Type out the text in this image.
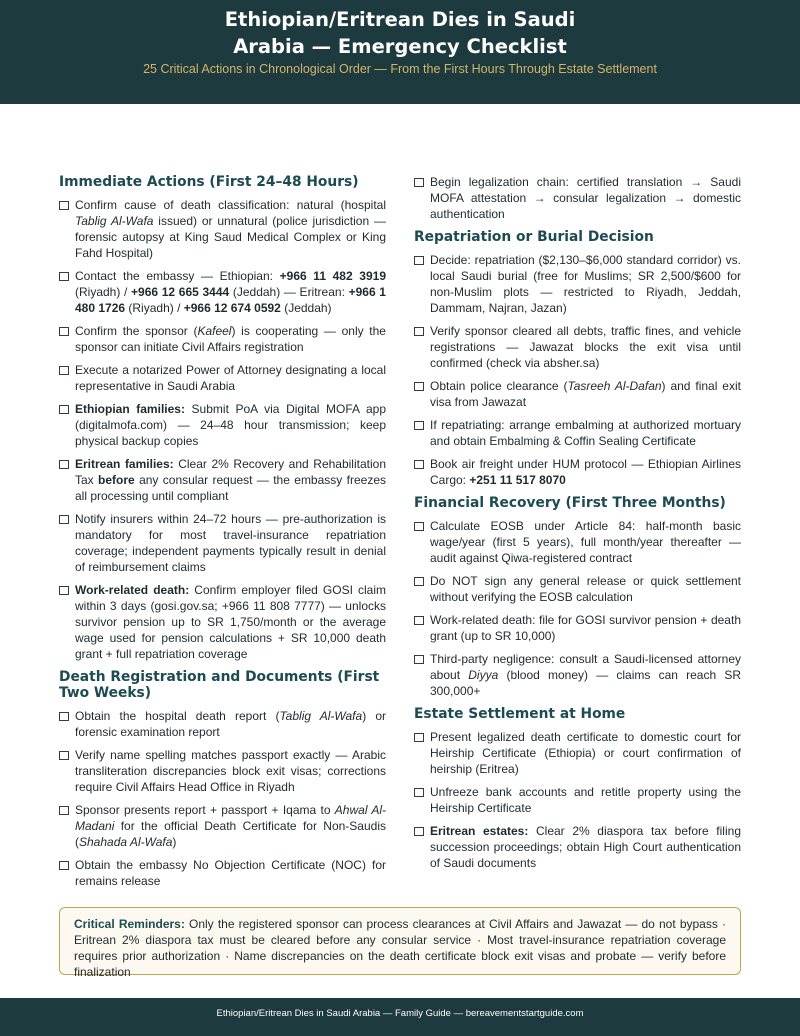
Ethiopian/Eritrean Dies in Saudi Arabia — Emergency Checklist
25 Critical Actions in Chronological Order — From the First Hours Through Estate Settlement
Immediate Actions (First 24–48 Hours)
Confirm cause of death classification: natural (hospital Tablig Al-Wafa issued) or unnatural (police jurisdiction — forensic autopsy at King Saud Medical Complex or King Fahd Hospital)
Contact the embassy — Ethiopian: +966 11 482 3919 (Riyadh) / +966 12 665 3444 (Jeddah) — Eritrean: +966 1 480 1726 (Riyadh) / +966 12 674 0592 (Jeddah)
Confirm the sponsor (Kafeel) is cooperating — only the sponsor can initiate Civil Affairs registration
Execute a notarized Power of Attorney designating a local representative in Saudi Arabia
Ethiopian families: Submit PoA via Digital MOFA app (digitalmofa.com) — 24–48 hour transmission; keep physical backup copies
Eritrean families: Clear 2% Recovery and Rehabilitation Tax before any consular request — the embassy freezes all processing until compliant
Notify insurers within 24–72 hours — pre-authorization is mandatory for most travel-insurance repatriation coverage; independent payments typically result in denial of reimbursement claims
Work-related death: Confirm employer filed GOSI claim within 3 days (gosi.gov.sa; +966 11 808 7777) — unlocks survivor pension up to SR 1,750/month or the average wage used for pension calculations + SR 10,000 death grant + full repatriation coverage
Death Registration and Documents (First Two Weeks)
Obtain the hospital death report (Tablig Al-Wafa) or forensic examination report
Verify name spelling matches passport exactly — Arabic transliteration discrepancies block exit visas; corrections require Civil Affairs Head Office in Riyadh
Sponsor presents report + passport + Iqama to Ahwal Al-Madani for the official Death Certificate for Non-Saudis (Shahada Al-Wafa)
Obtain the embassy No Objection Certificate (NOC) for remains release
Begin legalization chain: certified translation → Saudi MOFA attestation → consular legalization → domestic authentication
Repatriation or Burial Decision
Decide: repatriation ($2,130–$6,000 standard corridor) vs. local Saudi burial (free for Muslims; SR 2,500/$600 for non-Muslim plots — restricted to Riyadh, Jeddah, Dammam, Najran, Jazan)
Verify sponsor cleared all debts, traffic fines, and vehicle registrations — Jawazat blocks the exit visa until confirmed (check via absher.sa)
Obtain police clearance (Tasreeh Al-Dafan) and final exit visa from Jawazat
If repatriating: arrange embalming at authorized mortuary and obtain Embalming & Coffin Sealing Certificate
Book air freight under HUM protocol — Ethiopian Airlines Cargo: +251 11 517 8070
Financial Recovery (First Three Months)
Calculate EOSB under Article 84: half-month basic wage/year (first 5 years), full month/year thereafter — audit against Qiwa-registered contract
Do NOT sign any general release or quick settlement without verifying the EOSB calculation
Work-related death: file for GOSI survivor pension + death grant (up to SR 10,000)
Third-party negligence: consult a Saudi-licensed attorney about Diyya (blood money) — claims can reach SR 300,000+
Estate Settlement at Home
Present legalized death certificate to domestic court for Heirship Certificate (Ethiopia) or court confirmation of heirship (Eritrea)
Unfreeze bank accounts and retitle property using the Heirship Certificate
Eritrean estates: Clear 2% diaspora tax before filing succession proceedings; obtain High Court authentication of Saudi documents
Critical Reminders: Only the registered sponsor can process clearances at Civil Affairs and Jawazat — do not bypass · Eritrean 2% diaspora tax must be cleared before any consular service · Most travel-insurance repatriation coverage requires prior authorization · Name discrepancies on the death certificate block exit visas and probate — verify before finalization
Ethiopian/Eritrean Dies in Saudi Arabia — Family Guide — bereavementstartguide.com
